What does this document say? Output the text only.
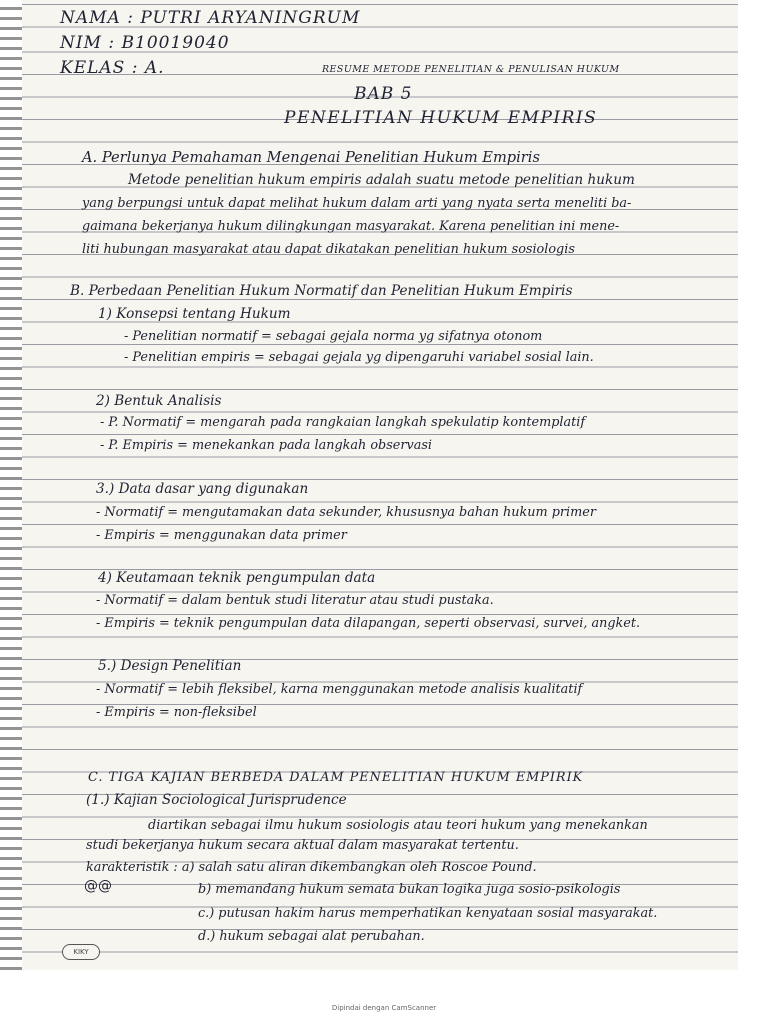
NAMA : PUTRI ARYANINGRUM
NIM : B10019040
KELAS : A.	RESUME METODE PENELITIAN & PENULISAN HUKUM
BAB 5
PENELITIAN HUKUM EMPIRIS
A. Perlunya Pemahaman Mengenai Penelitian Hukum Empiris
Metode penelitian hukum empiris adalah suatu metode penelitian hukum
yang berpungsi untuk dapat melihat hukum dalam arti yang nyata serta meneliti ba-
gaimana bekerjanya hukum dilingkungan masyarakat. Karena penelitian ini mene-
liti hubungan masyarakat atau dapat dikatakan penelitian hukum sosiologis
B. Perbedaan Penelitian Hukum Normatif dan Penelitian Hukum Empiris
1) Konsepsi tentang Hukum
- Penelitian normatif = sebagai gejala norma yg sifatnya otonom
- Penelitian empiris = sebagai gejala yg dipengaruhi variabel sosial lain.
2) Bentuk Analisis
- P. Normatif = mengarah pada rangkaian langkah spekulatip kontemplatif
- P. Empiris = menekankan pada langkah observasi
3.) Data dasar yang digunakan
- Normatif = mengutamakan data sekunder, khususnya bahan hukum primer
- Empiris = menggunakan data primer
4) Keutamaan teknik pengumpulan data
- Normatif = dalam bentuk studi literatur atau studi pustaka.
- Empiris = teknik pengumpulan data dilapangan, seperti observasi, survei, angket.
5.) Design Penelitian
- Normatif = lebih fleksibel, karna menggunakan metode analisis kualitatif
- Empiris = non-fleksibel
C. TIGA KAJIAN BERBEDA DALAM PENELITIAN HUKUM EMPIRIK
(1.) Kajian Sociological Jurisprudence
diartikan sebagai ilmu hukum sosiologis atau teori hukum yang menekankan
studi bekerjanya hukum secara aktual dalam masyarakat tertentu.
karakteristik : a) salah satu aliran dikembangkan oleh Roscoe Pound.
@@	b) memandang hukum semata bukan logika juga sosio-psikologis
c.) putusan hakim harus memperhatikan kenyataan sosial masyarakat.
d.) hukum sebagai alat perubahan.
KIKY
Dipindai dengan CamScanner
